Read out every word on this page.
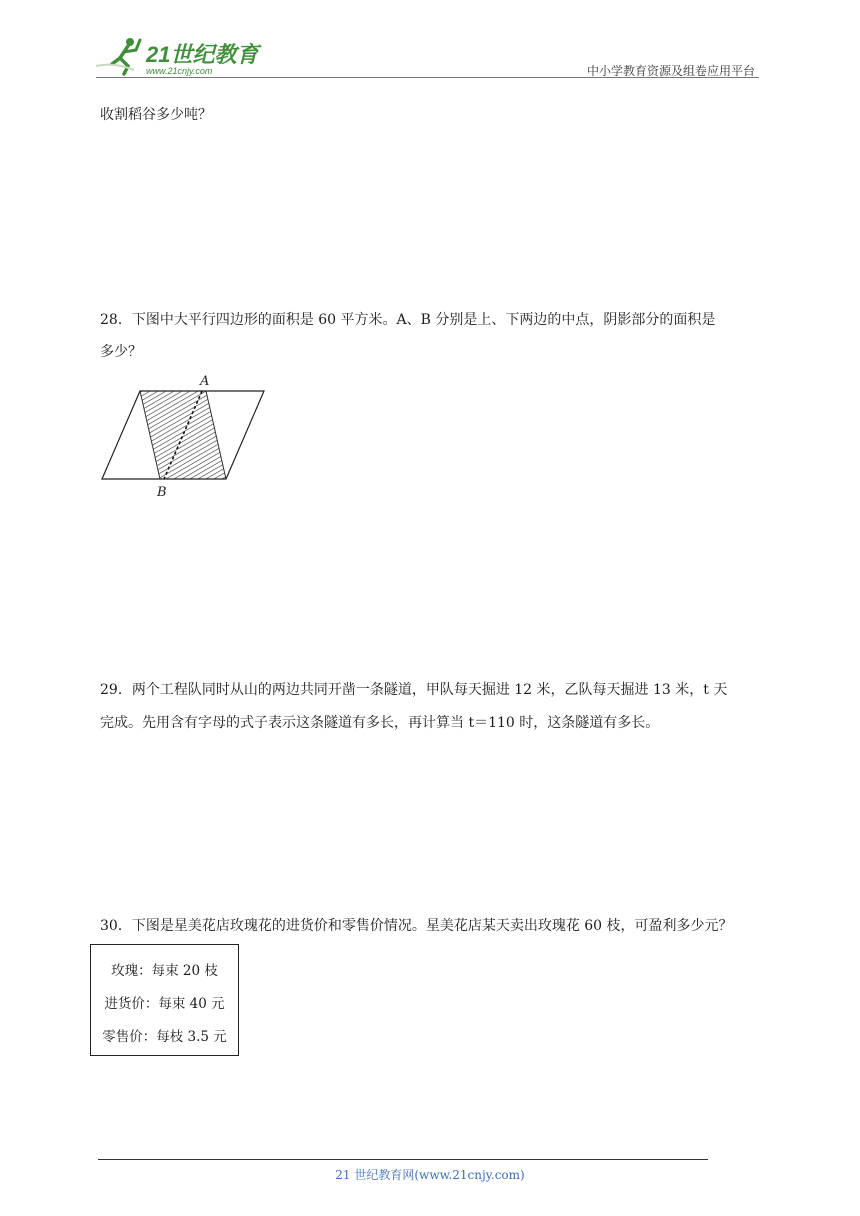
21世纪教育
www.21cnjy.com	中小学教育资源及组卷应用平台
收割稻谷多少吨？
28．下图中大平行四边形的面积是 60 平方米。A、B 分别是上、下两边的中点，阴影部分的面积是
多少？
A
B
29．两个工程队同时从山的两边共同开凿一条隧道，甲队每天掘进 12 米，乙队每天掘进 13 米，t 天
完成。先用含有字母的式子表示这条隧道有多长，再计算当 t＝110 时，这条隧道有多长。
30．下图是星美花店玫瑰花的进货价和零售价情况。星美花店某天卖出玫瑰花 60 枝，可盈利多少元？
玫瑰：每束 20 枝
进货价：每束 40 元
零售价：每枝 3.5 元
21 世纪教育网(www.21cnjy.com)
